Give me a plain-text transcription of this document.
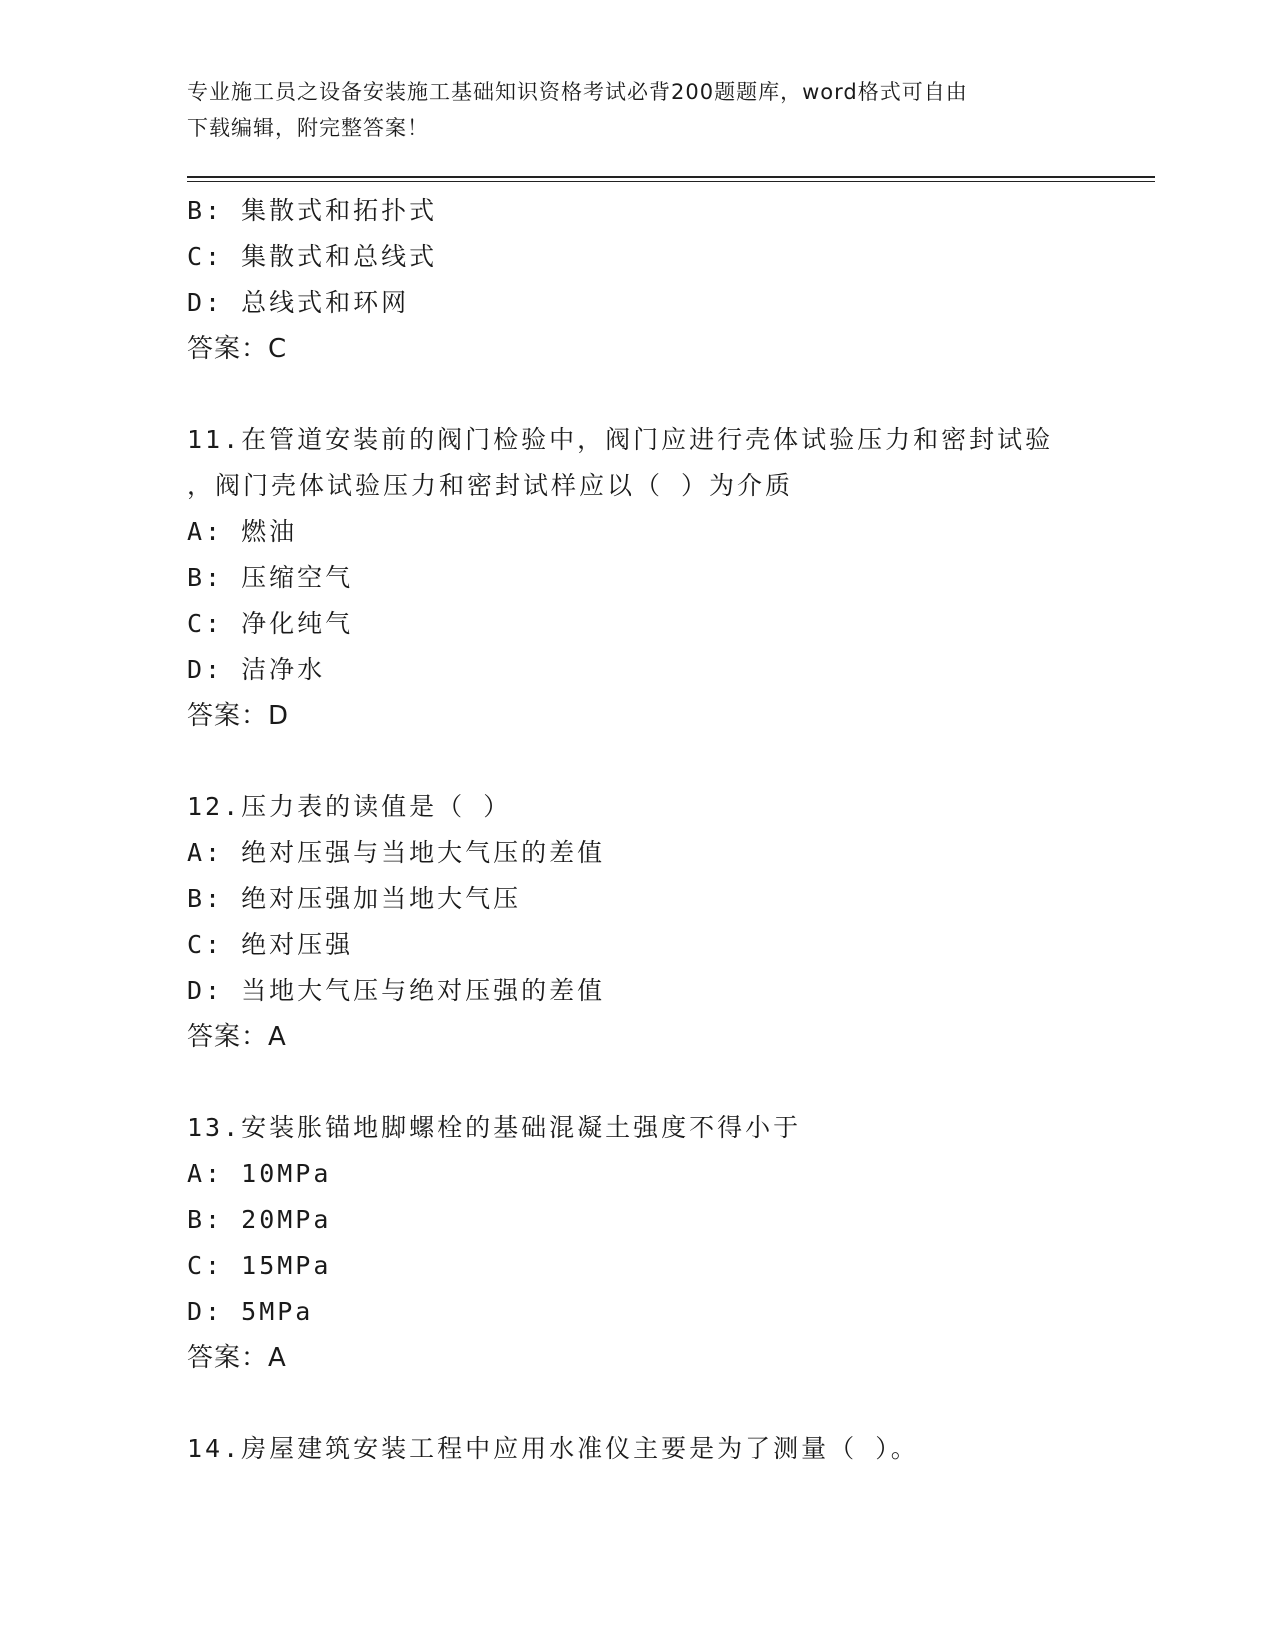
专业施工员之设备安装施工基础知识资格考试必背200题题库，word格式可自由
下载编辑，附完整答案！
B: 集散式和拓扑式
C: 集散式和总线式
D: 总线式和环网
答案：C
11.在管道安装前的阀门检验中，阀门应进行壳体试验压力和密封试验
，阀门壳体试验压力和密封试样应以（ ）为介质
A: 燃油
B: 压缩空气
C: 净化纯气
D: 洁净水
答案：D
12.压力表的读值是（ ）
A: 绝对压强与当地大气压的差值
B: 绝对压强加当地大气压
C: 绝对压强
D: 当地大气压与绝对压强的差值
答案：A
13.安装胀锚地脚螺栓的基础混凝土强度不得小于
A: 10MPa
B: 20MPa
C: 15MPa
D: 5MPa
答案：A
14.房屋建筑安装工程中应用水准仪主要是为了测量（ ）。
